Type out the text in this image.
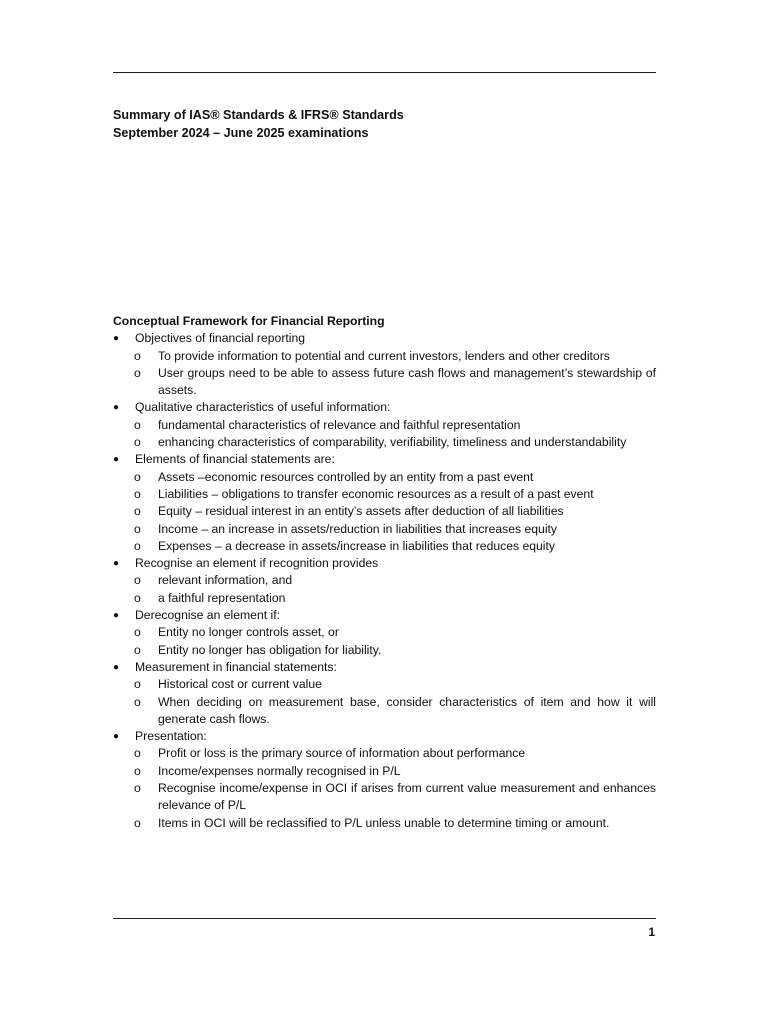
Summary of IAS® Standards & IFRS® Standards
September 2024 – June 2025 examinations
Conceptual Framework for Financial Reporting
●	Objectives of financial reporting
o	To provide information to potential and current investors, lenders and other creditors
o	User groups need to be able to assess future cash flows and management’s stewardship of assets.
●	Qualitative characteristics of useful information:
o	fundamental characteristics of relevance and faithful representation
o	enhancing characteristics of comparability, verifiability, timeliness and understandability
●	Elements of financial statements are:
o	Assets –economic resources controlled by an entity from a past event
o	Liabilities – obligations to transfer economic resources as a result of a past event
o	Equity – residual interest in an entity’s assets after deduction of all liabilities
o	Income – an increase in assets/reduction in liabilities that increases equity
o	Expenses – a decrease in assets/increase in liabilities that reduces equity
●	Recognise an element if recognition provides
o	relevant information, and
o	a faithful representation
●	Derecognise an element if:
o	Entity no longer controls asset, or
o	Entity no longer has obligation for liability.
●	Measurement in financial statements:
o	Historical cost or current value
o	When deciding on measurement base, consider characteristics of item and how it will generate cash flows.
●	Presentation:
o	Profit or loss is the primary source of information about performance
o	Income/expenses normally recognised in P/L
o	Recognise income/expense in OCI if arises from current value measurement and enhances relevance of P/L
o	Items in OCI will be reclassified to P/L unless unable to determine timing or amount.
1
